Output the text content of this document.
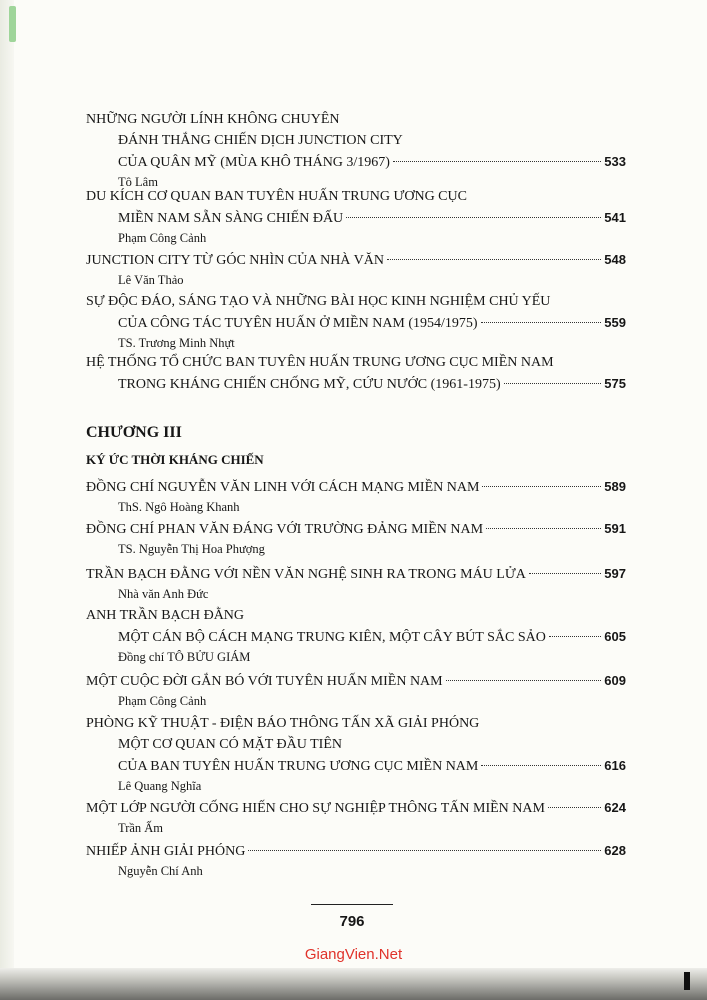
NHỮNG NGƯỜI LÍNH KHÔNG CHUYÊN
ĐÁNH THẮNG CHIẾN DỊCH JUNCTION CITY
CỦA QUÂN MỸ (MÙA KHÔ THÁNG 3/1967)	533
Tô Lâm
DU KÍCH CƠ QUAN BAN TUYÊN HUẤN TRUNG ƯƠNG CỤC
MIỀN NAM SẴN SÀNG CHIẾN ĐẤU	541
Phạm Công Cảnh
JUNCTION CITY TỪ GÓC NHÌN CỦA NHÀ VĂN	548
Lê Văn Thảo
SỰ ĐỘC ĐÁO, SÁNG TẠO VÀ NHỮNG BÀI HỌC KINH NGHIỆM CHỦ YẾU
CỦA CÔNG TÁC TUYÊN HUẤN Ở MIỀN NAM (1954/1975)	559
TS. Trương Minh Nhựt
HỆ THỐNG TỔ CHỨC BAN TUYÊN HUẤN TRUNG ƯƠNG CỤC MIỀN NAM
TRONG KHÁNG CHIẾN CHỐNG MỸ, CỨU NƯỚC (1961-1975)	575
CHƯƠNG III
KÝ ỨC THỜI KHÁNG CHIẾN
ĐỒNG CHÍ NGUYỄN VĂN LINH VỚI CÁCH MẠNG MIỀN NAM	589
ThS. Ngô Hoàng Khanh
ĐỒNG CHÍ PHAN VĂN ĐÁNG VỚI TRƯỜNG ĐẢNG MIỀN NAM	591
TS. Nguyễn Thị Hoa Phượng
TRẦN BẠCH ĐẰNG VỚI NỀN VĂN NGHỆ SINH RA TRONG MÁU LỬA	597
Nhà văn Anh Đức
ANH TRẦN BẠCH ĐẰNG
MỘT CÁN BỘ CÁCH MẠNG TRUNG KIÊN, MỘT CÂY BÚT SẮC SẢO	605
Đồng chí TÔ BỬU GIÁM
MỘT CUỘC ĐỜI GẮN BÓ VỚI TUYÊN HUẤN MIỀN NAM	609
Phạm Công Cảnh
PHÒNG KỸ THUẬT - ĐIỆN BÁO THÔNG TẤN XÃ GIẢI PHÓNG
MỘT CƠ QUAN CÓ MẶT ĐẦU TIÊN
CỦA BAN TUYÊN HUẤN TRUNG ƯƠNG CỤC MIỀN NAM	616
Lê Quang Nghĩa
MỘT LỚP NGƯỜI CỐNG HIẾN CHO SỰ NGHIỆP THÔNG TẤN MIỀN NAM	624
Trần Ấm
NHIẾP ẢNH GIẢI PHÓNG	628
Nguyễn Chí Anh
796
GiangVien.Net
